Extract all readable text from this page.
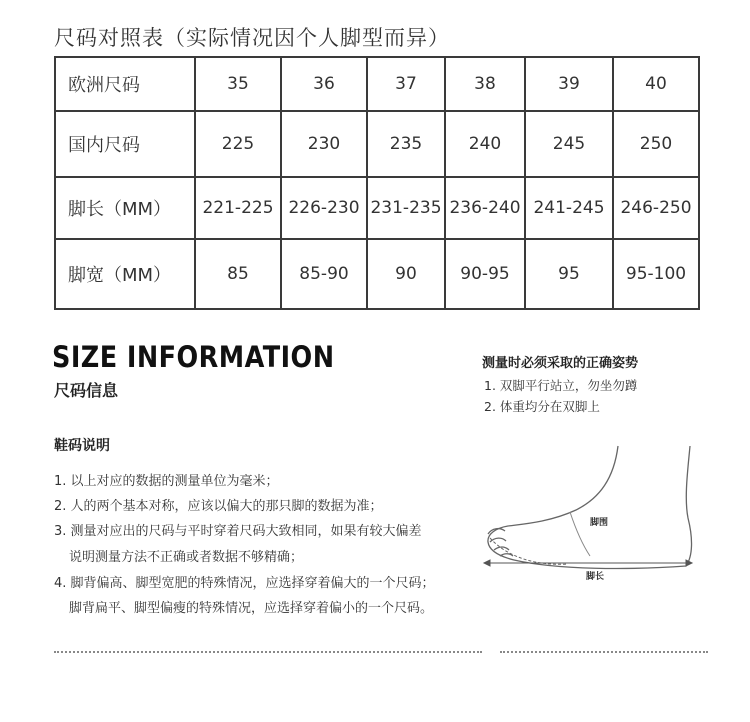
尺码对照表（实际情况因个人脚型而异）
欧洲尺码	35	36	37	38	39	40
国内尺码	225	230	235	240	245	250
脚长（MM）	221-225	226-230	231-235	236-240	241-245	246-250
脚宽（MM）	85	85-90	90	90-95	95	95-100
SIZE INFORMATION
尺码信息
测量时必须采取的正确姿势
1. 双脚平行站立，勿坐勿蹲
2. 体重均分在双脚上
鞋码说明
1. 以上对应的数据的测量单位为毫米；
2. 人的两个基本对称，应该以偏大的那只脚的数据为准；
3. 测量对应出的尺码与平时穿着尺码大致相同，如果有较大偏差
说明测量方法不正确或者数据不够精确；
4. 脚背偏高、脚型宽肥的特殊情况，应选择穿着偏大的一个尺码；
脚背扁平、脚型偏瘦的特殊情况，应选择穿着偏小的一个尺码。
脚围
脚长
